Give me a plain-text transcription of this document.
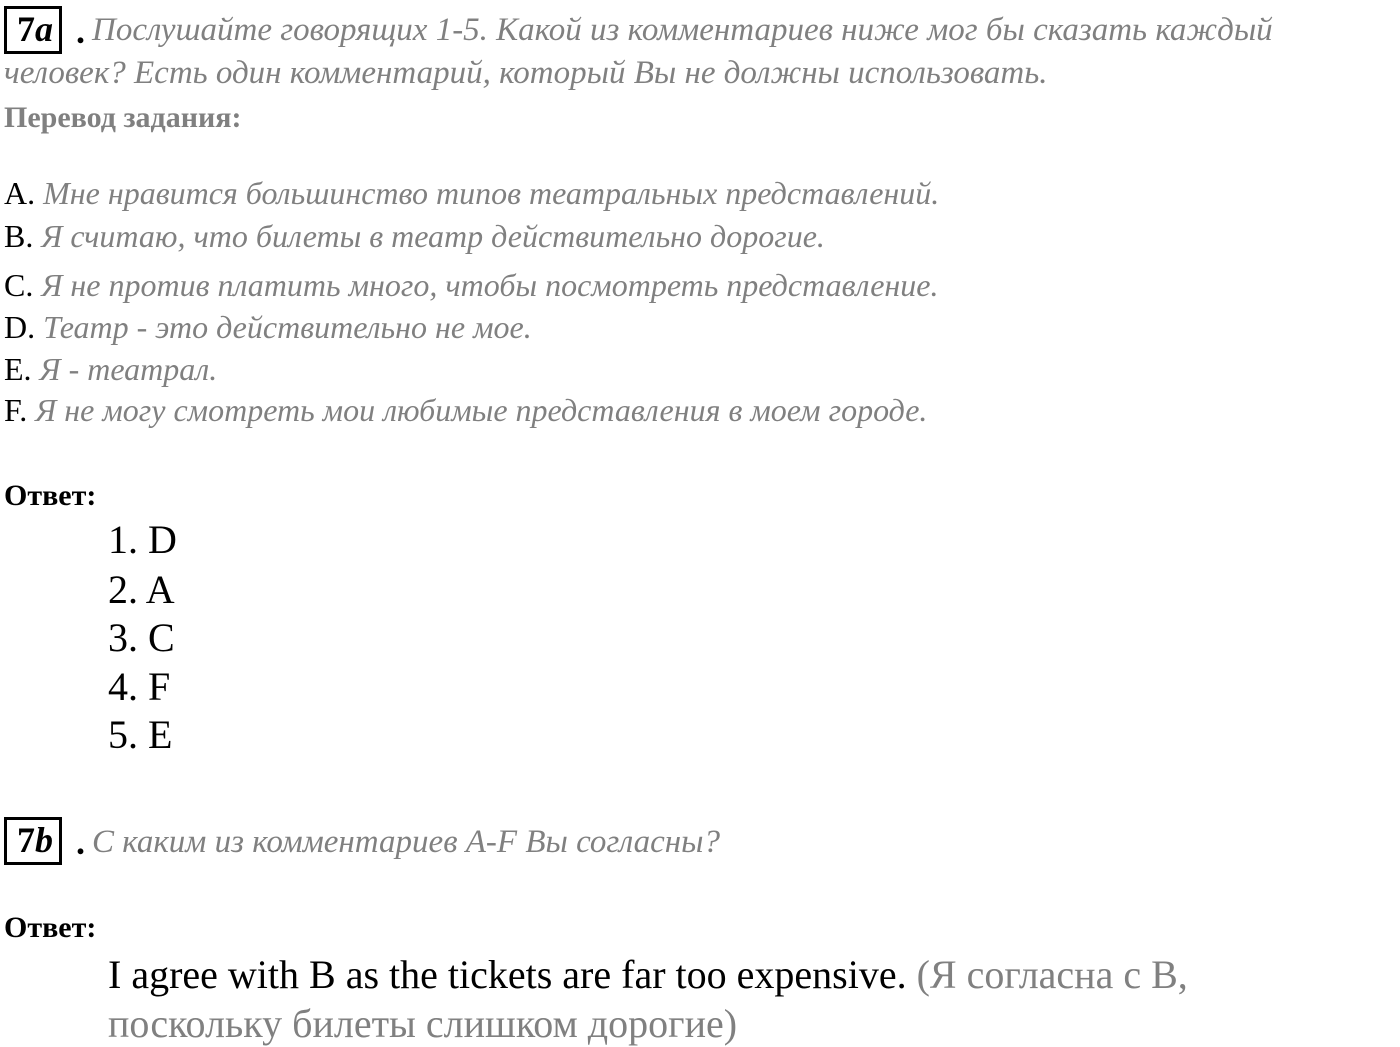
7a . Послушайте говорящих 1-5. Какой из комментариев ниже мог бы сказать каждый
человек? Есть один комментарий, который Вы не должны использовать.
Перевод задания:
A. Мне нравится большинство типов театральных представлений.
B. Я считаю, что билеты в театр действительно дорогие.
C. Я не против платить много, чтобы посмотреть представление.
D. Театр - это действительно не мое.
E. Я - театрал.
F. Я не могу смотреть мои любимые представления в моем городе.
Ответ:
1. D
2. A
3. C
4. F
5. E
7b . С каким из комментариев A-F Вы согласны?
Ответ:
I agree with B as the tickets are far too expensive. (Я согласна с B,
поскольку билеты слишком дорогие)
